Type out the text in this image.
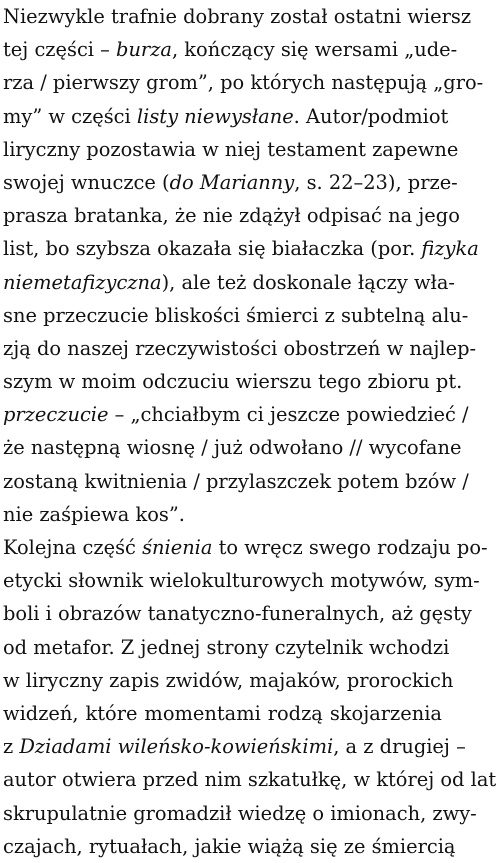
Niezwykle trafnie dobrany został ostatni wiersz
tej części – burza, kończący się wersami „ude-
rza / pierwszy grom”, po których następują „gro-
my” w części listy niewysłane. Autor/podmiot
liryczny pozostawia w niej testament zapewne
swojej wnuczce (do Marianny, s. 22–23), prze-
prasza bratanka, że nie zdążył odpisać na jego
list, bo szybsza okazała się białaczka (por. fizyka
niemetafizyczna), ale też doskonale łączy wła-
sne przeczucie bliskości śmierci z subtelną alu-
zją do naszej rzeczywistości obostrzeń w najlep-
szym w moim odczuciu wierszu tego zbioru pt.
przeczucie – „chciałbym ci jeszcze powiedzieć /
że następną wiosnę / już odwołano // wycofane
zostaną kwitnienia / przylaszczek potem bzów /
nie zaśpiewa kos”.
Kolejna część śnienia to wręcz swego rodzaju po-
etycki słownik wielokulturowych motywów, sym-
boli i obrazów tanatyczno-funeralnych, aż gęsty
od metafor. Z jednej strony czytelnik wchodzi
w liryczny zapis zwidów, majaków, prorockich
widzeń, które momentami rodzą skojarzenia
z Dziadami wileńsko-kowieńskimi, a z drugiej –
autor otwiera przed nim szkatułkę, w której od lat
skrupulatnie gromadził wiedzę o imionach, zwy-
czajach, rytuałach, jakie wiążą się ze śmiercią
